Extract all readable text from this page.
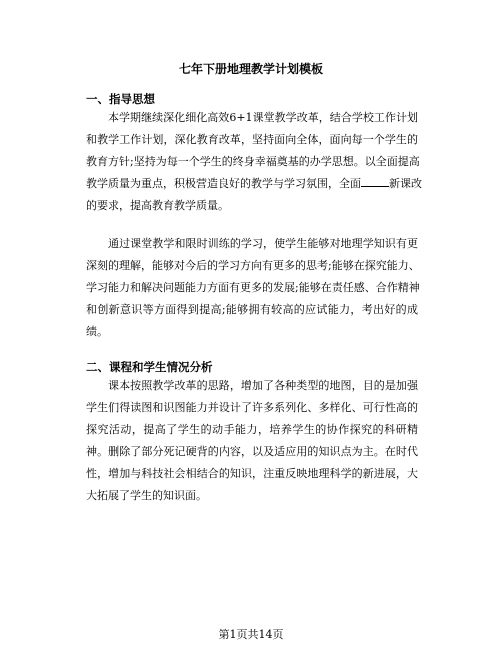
七年下册地理教学计划模板
一、指导思想
本学期继续深化细化高效6+1课堂教学改革，结合学校工作计划
和教学工作计划，深化教育改革，坚持面向全体，面向每一个学生的
教育方针;坚持为每一个学生的终身幸福奠基的办学思想。以全面提高
教学质量为重点，积极营造良好的教学与学习氛围，全面	新课改
的要求，提高教育教学质量。
通过课堂教学和限时训练的学习，使学生能够对地理学知识有更
深刻的理解，能够对今后的学习方向有更多的思考;能够在探究能力、
学习能力和解决问题能力方面有更多的发展;能够在责任感、合作精神
和创新意识等方面得到提高;能够拥有较高的应试能力，考出好的成
绩。
二、课程和学生情况分析
课本按照教学改革的思路，增加了各种类型的地图，目的是加强
学生们得读图和识图能力并设计了许多系列化、多样化、可行性高的
探究活动，提高了学生的动手能力，培养学生的协作探究的科研精
神。删除了部分死记硬背的内容，以及适应用的知识点为主。在时代
性，增加与科技社会相结合的知识，注重反映地理科学的新进展，大
大拓展了学生的知识面。
第1页共14页
